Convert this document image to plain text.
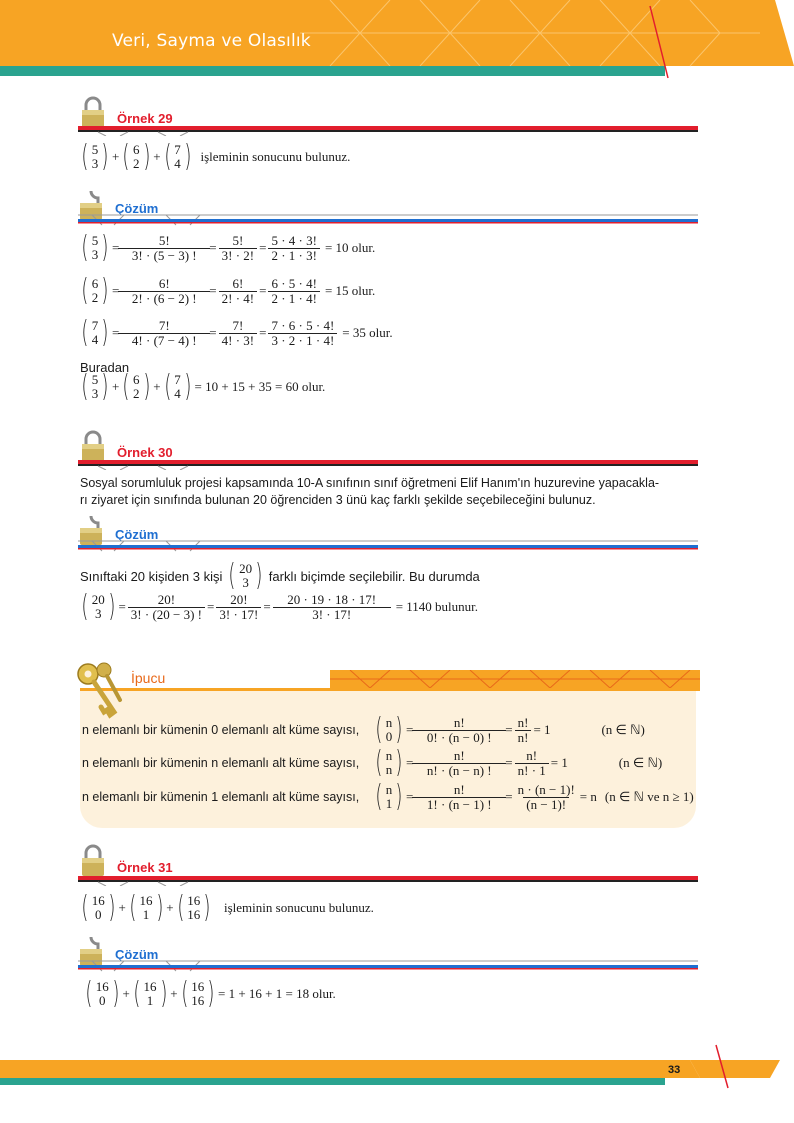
Veri, Sayma ve Olasılık
Örnek 29
( 5
3 ) + ( 6
2 ) + ( 7
4 ) işleminin sonucunu bulunuz.
Çözüm
( 5
3 ) = $\frac{5!}{3! \cdot (5 - 3) !} = \frac{5!}{3! \cdot 2!} = \frac{5 \cdot 4 \cdot 3!}{2 \cdot 1 \cdot 3!} = 10$ olur.
( 6
2 ) = $\frac{6!}{2! \cdot (6 - 2) !} = \frac{6!}{2! \cdot 4!} = \frac{6 \cdot 5 \cdot 4!}{2 \cdot 1 \cdot 4!} = 15$ olur.
( 7
4 ) = $\frac{7!}{4! \cdot (7 - 4) !} = \frac{7!}{4! \cdot 3!} = \frac{7 \cdot 6 \cdot 5 \cdot 4!}{3 \cdot 2 \cdot 1 \cdot 4!} = 35$ olur.
Buradan
( 5
3 ) + ( 6
2 ) + ( 7
4 ) = 10 + 15 + 35 = 60 olur.
Örnek 30
Sosyal sorumluluk projesi kapsamında 10-A sınıfının sınıf öğretmeni Elif Hanım'ın huzurevine yapacakla-
rı ziyaret için sınıfında bulunan 20 öğrenciden 3 ünü kaç farklı şekilde seçebileceğini bulunuz.
Çözüm
Sınıftaki 20 kişiden 3 kişi ( 20
3 ) farklı biçimde seçilebilir. Bu durumda
( 20
3 ) = $\frac{20!}{3! \cdot (20 - 3) !} = \frac{20!}{3! \cdot 17!} = \frac{20 \cdot 19 \cdot 18 \cdot 17!}{3! \cdot 17!} = 1140$ bulunur.
İpucu
n elemanlı bir kümenin 0 elemanlı alt küme sayısı, ( n
0 ) = $\frac{n!}{0! \cdot (n - 0) !} = \frac{n!}{n!} = 1$	(n ∈ ℕ)
n elemanlı bir kümenin n elemanlı alt küme sayısı, ( n
n ) = $\frac{n!}{n! \cdot (n - n) !} = \frac{n!}{n! \cdot 1} = 1$	(n ∈ ℕ)
n elemanlı bir kümenin 1 elemanlı alt küme sayısı, ( n
1 ) = $\frac{n!}{1! \cdot (n - 1) !} = \frac{n \cdot (n - 1)!}{(n - 1)!} = n$ (n ∈ ℕ ve n ≥ 1)
Örnek 31
( 16
0 ) + ( 16
1 ) + ( 16
16 ) işleminin sonucunu bulunuz.
Çözüm
( 16
0 ) + ( 16
1 ) + ( 16
16 ) = 1 + 16 + 1 = 18 olur.
33
